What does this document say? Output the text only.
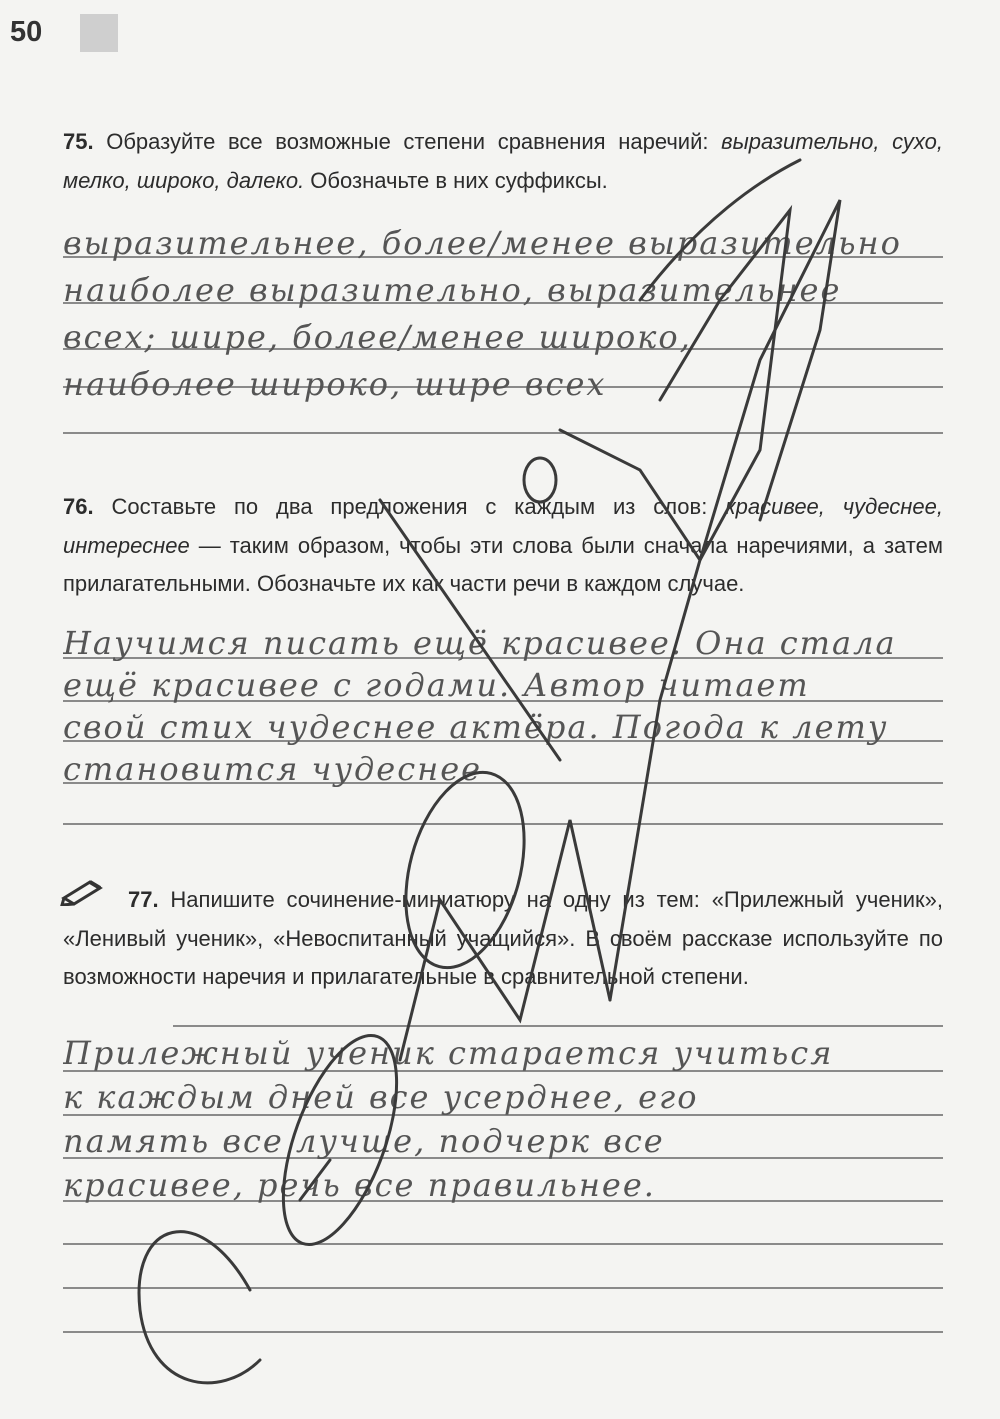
50
75. Образуйте все возможные степени сравнения наречий: выразительно, сухо, мелко, широко, далеко. Обозначьте в них суффиксы.
выразительнее, более/менее выразительно
наиболее выразительно, выразительнее
всех; шире, более/менее широко,
наиболее широко, шире всех
76. Составьте по два предложения с каждым из слов: красивее, чудеснее, интереснее — таким образом, чтобы эти слова были сначала наречиями, а затем прилагательными. Обозначьте их как части речи в каждом случае.
Научимся писать ещё красивее. Она стала
ещё красивее с годами. Автор читает
свой стих чудеснее актёра. Погода к лету
становится чудеснее
77. Напишите сочинение-миниатюру на одну из тем: «Прилежный ученик», «Ленивый ученик», «Невоспитанный учащийся». В своём рассказе используйте по возможности наречия и прилагательные в сравнительной степени.
Прилежный ученик старается учиться
к каждым дней все усерднее, его
память все лучше, подчерк все
красивее, речь все правильнее.
